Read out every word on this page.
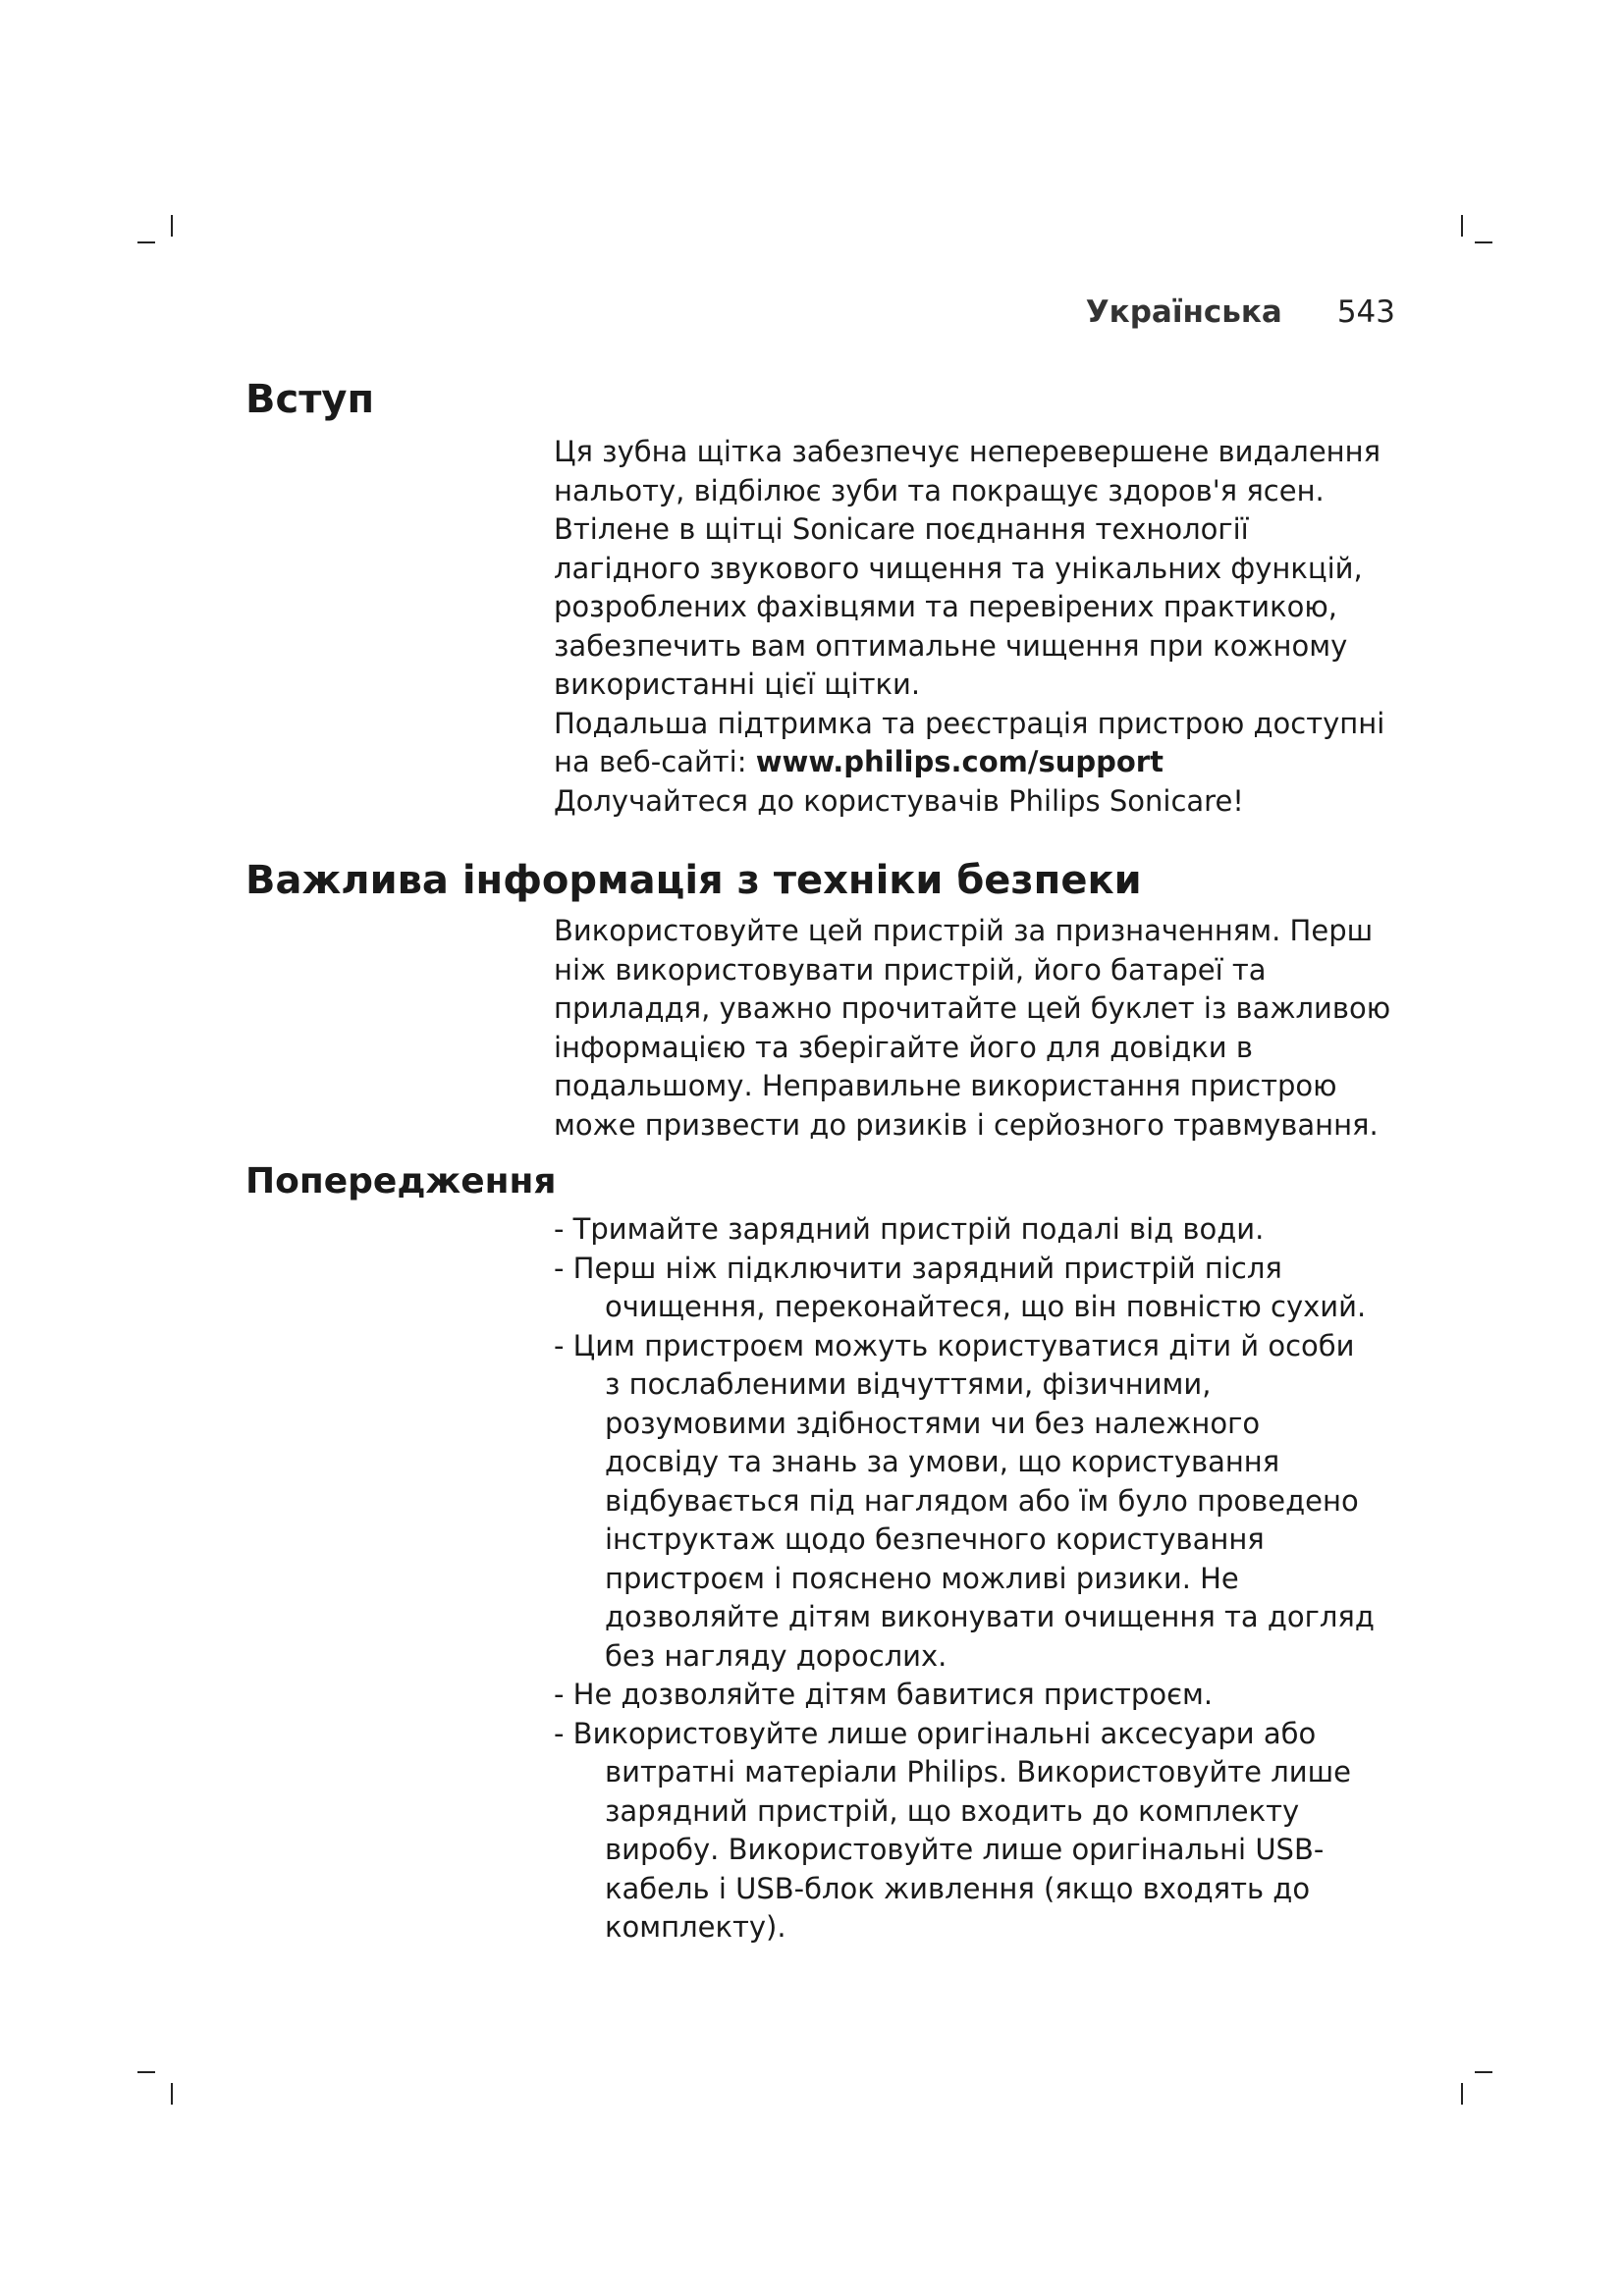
Українська 543
Вступ
Ця зубна щітка забезпечує неперевершене видалення
нальоту, відбілює зуби та покращує здоров'я ясен.
Втілене в щітці Sonicare поєднання технології
лагідного звукового чищення та унікальних функцій,
розроблених фахівцями та перевірених практикою,
забезпечить вам оптимальне чищення при кожному
використанні цієї щітки.
Подальша підтримка та реєстрація пристрою доступні
на веб-сайті: www.philips.com/support
Долучайтеся до користувачів Philips Sonicare!
Важлива інформація з техніки безпеки
Використовуйте цей пристрій за призначенням. Перш
ніж використовувати пристрій, його батареї та
приладдя, уважно прочитайте цей буклет із важливою
інформацією та зберігайте його для довідки в
подальшому. Неправильне використання пристрою
може призвести до ризиків і серйозного травмування.
Попередження
- Тримайте зарядний пристрій подалі від води.
- Перш ніж підключити зарядний пристрій після
очищення, переконайтеся, що він повністю сухий.
- Цим пристроєм можуть користуватися діти й особи
з послабленими відчуттями, фізичними,
розумовими здібностями чи без належного
досвіду та знань за умови, що користування
відбувається під наглядом або їм було проведено
інструктаж щодо безпечного користування
пристроєм і пояснено можливі ризики. Не
дозволяйте дітям виконувати очищення та догляд
без нагляду дорослих.
- Не дозволяйте дітям бавитися пристроєм.
- Використовуйте лише оригінальні аксесуари або
витратні матеріали Philips. Використовуйте лише
зарядний пристрій, що входить до комплекту
виробу. Використовуйте лише оригінальні USB-
кабель і USB-блок живлення (якщо входять до
комплекту).
